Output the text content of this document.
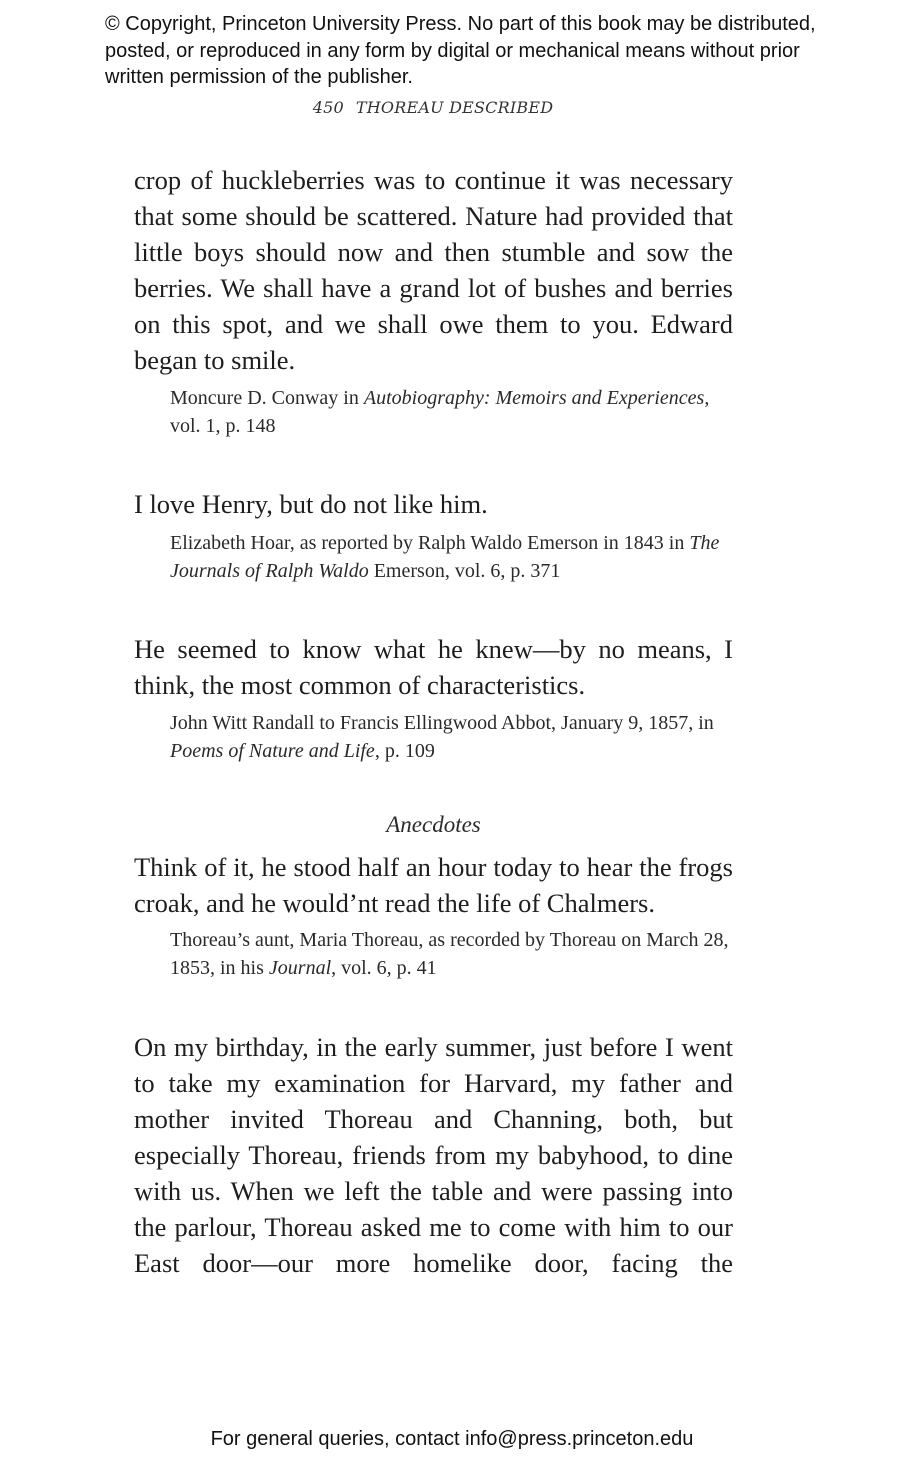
© Copyright, Princeton University Press. No part of this book may be distributed, posted, or reproduced in any form by digital or mechanical means without prior written permission of the publisher.
450 THOREAU DESCRIBED

crop of huckleberries was to continue it was necessary that some should be scattered. Nature had provided that little boys should now and then stumble and sow the berries. We shall have a grand lot of bushes and berries on this spot, and we shall owe them to you. Edward began to smile.

Moncure D. Conway in Autobiography: Memoirs and Experiences, vol. 1, p. 148

I love Henry, but do not like him.

Elizabeth Hoar, as reported by Ralph Waldo Emerson in 1843 in The Journals of Ralph Waldo Emerson, vol. 6, p. 371

He seemed to know what he knew—by no means, I think, the most common of characteristics.

John Witt Randall to Francis Ellingwood Abbot, January 9, 1857, in Poems of Nature and Life, p. 109

Anecdotes

Think of it, he stood half an hour today to hear the frogs croak, and he would’nt read the life of Chalmers.

Thoreau’s aunt, Maria Thoreau, as recorded by Thoreau on March 28, 1853, in his Journal, vol. 6, p. 41

On my birthday, in the early summer, just before I went to take my examination for Harvard, my father and mother invited Thoreau and Channing, both, but especially Thoreau, friends from my babyhood, to dine with us. When we left the table and were passing into the parlour, Thoreau asked me to come with him to our East door—our more homelike door, facing the

For general queries, contact info@press.princeton.edu
